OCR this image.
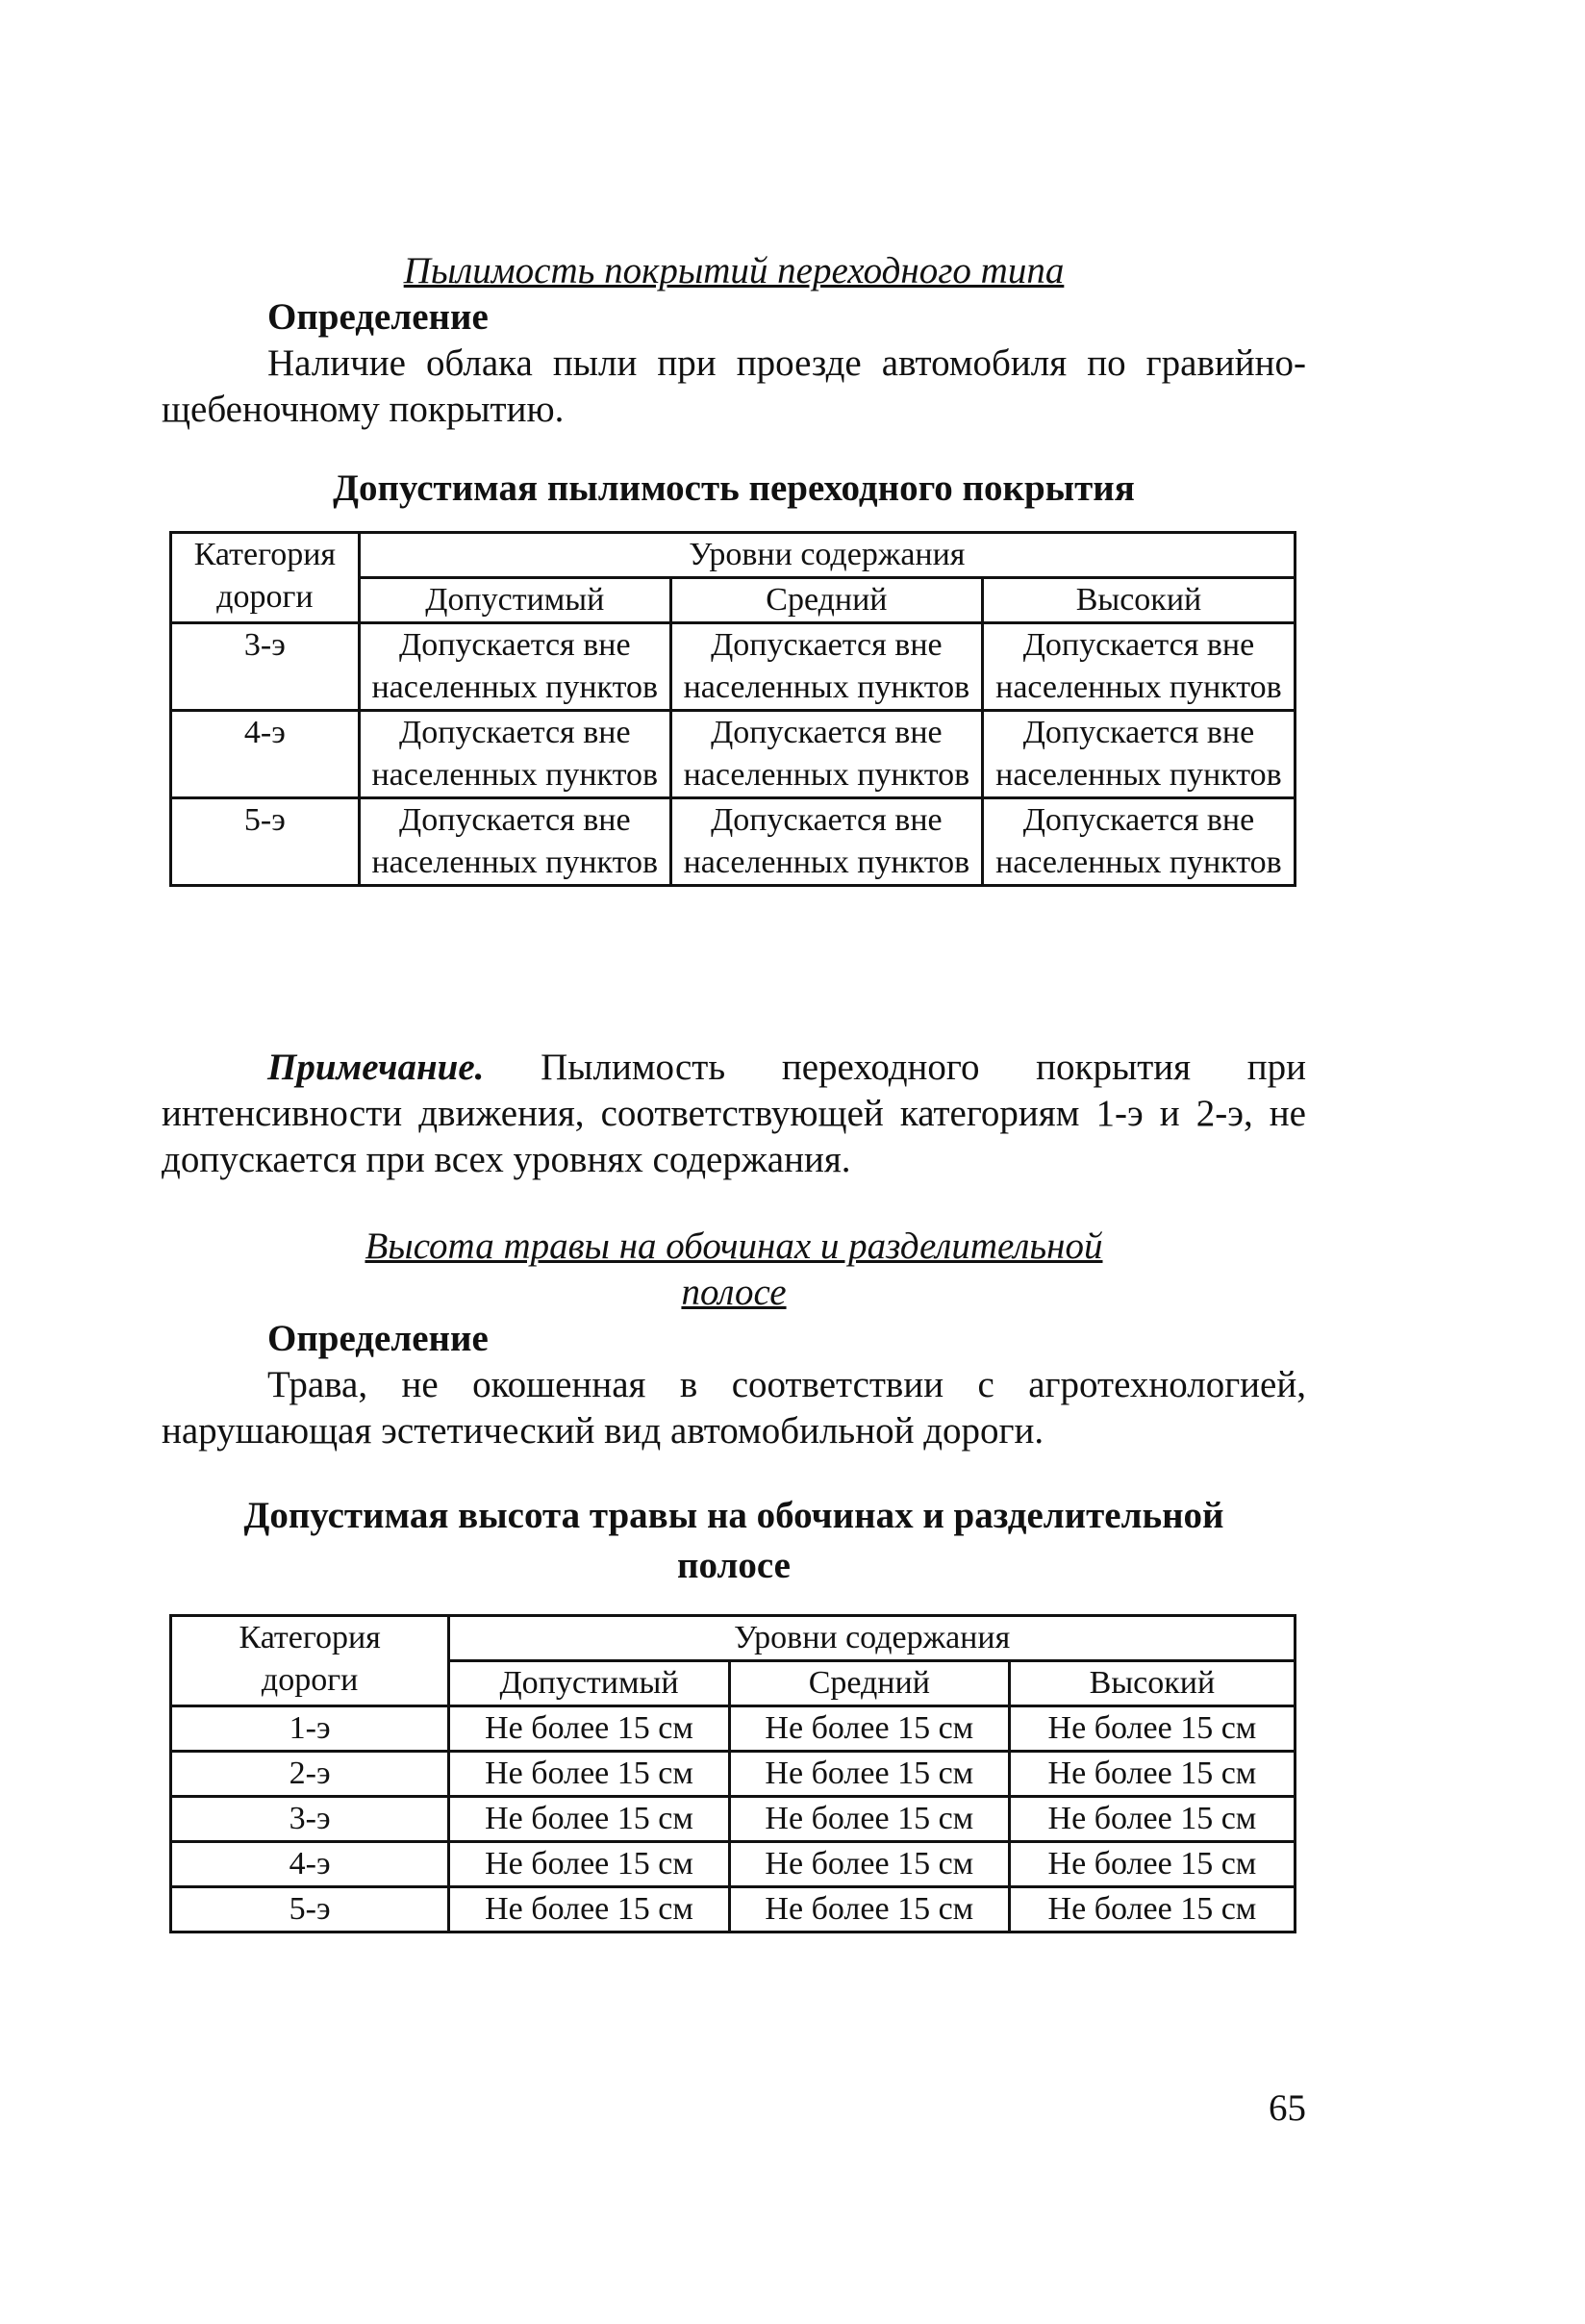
Пылимость покрытий переходного типа

Определение

Наличие облака пыли при проезде автомобиля по гравийно-щебеночному покрытию.

Допустимая пылимость переходного покрытия
Категория
дороги	Уровни содержания		
	Допустимый	Средний	Высокий
3-э	Допускается вне населенных пунктов	Допускается вне населенных пунктов	Допускается вне населенных пунктов
4-э	Допускается вне населенных пунктов	Допускается вне населенных пунктов	Допускается вне населенных пунктов
5-э	Допускается вне населенных пунктов	Допускается вне населенных пунктов	Допускается вне населенных пунктов

Примечание. Пылимость переходного покрытия при интенсивности движения, соответствующей категориям 1-э и 2-э, не допускается при всех уровнях содержания.

Высота травы на обочинах и разделительной
полосе

Определение

Трава, не окошенная в соответствии с агротехнологией, нарушающая эстетический вид автомобильной дороги.

Допустимая высота травы на обочинах и разделительной
полосе
Категория
дороги	Уровни содержания		
	Допустимый	Средний	Высокий
1-э	Не более 15 см	Не более 15 см	Не более 15 см
2-э	Не более 15 см	Не более 15 см	Не более 15 см
3-э	Не более 15 см	Не более 15 см	Не более 15 см
4-э	Не более 15 см	Не более 15 см	Не более 15 см
5-э	Не более 15 см	Не более 15 см	Не более 15 см

65
